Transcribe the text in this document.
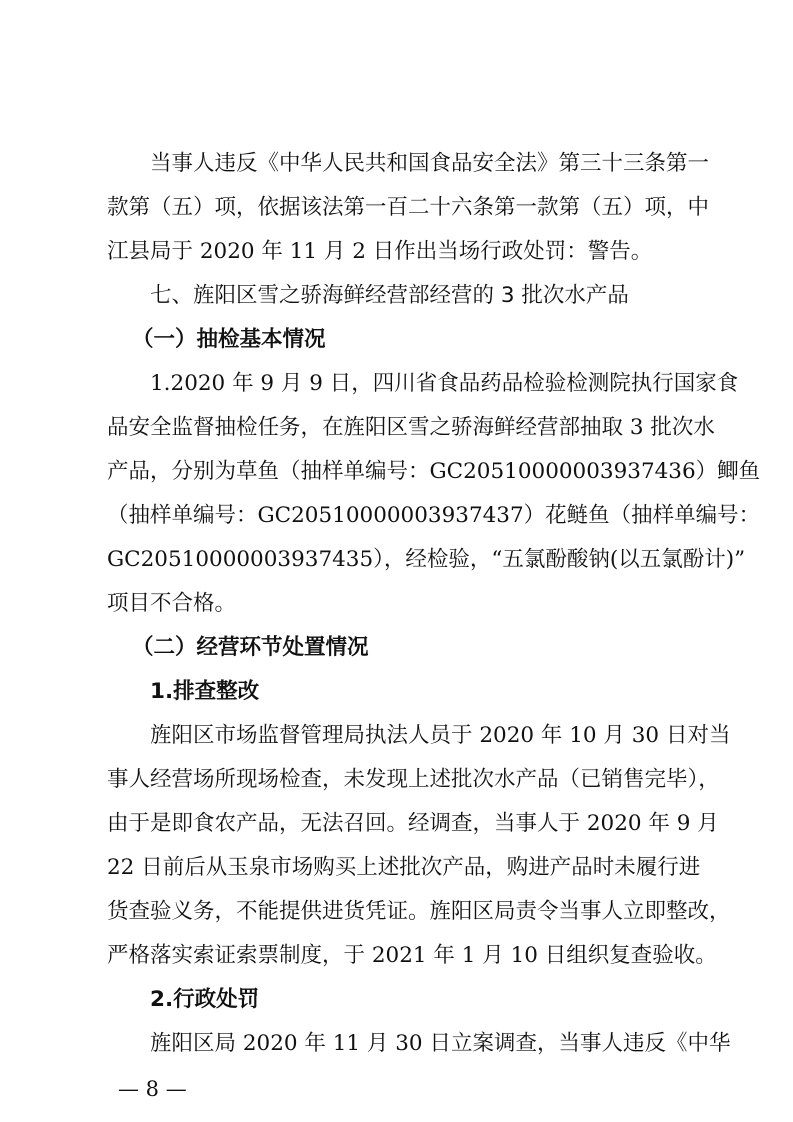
当事人违反《中华人民共和国食品安全法》第三十三条第一
款第（五）项，依据该法第一百二十六条第一款第（五）项，中
江县局于 2020 年 11 月 2 日作出当场行政处罚：警告。
七、旌阳区雪之骄海鲜经营部经营的 3 批次水产品
（一）抽检基本情况
1.2020 年 9 月 9 日，四川省食品药品检验检测院执行国家食
品安全监督抽检任务，在旌阳区雪之骄海鲜经营部抽取 3 批次水
产品，分别为草鱼（抽样单编号：GC20510000003937436）鲫鱼
（抽样单编号：GC20510000003937437）花鲢鱼（抽样单编号：
GC20510000003937435），经检验，“五氯酚酸钠(以五氯酚计)”
项目不合格。
（二）经营环节处置情况
1.排查整改
旌阳区市场监督管理局执法人员于 2020 年 10 月 30 日对当
事人经营场所现场检查，未发现上述批次水产品（已销售完毕），
由于是即食农产品，无法召回。经调查，当事人于 2020 年 9 月
22 日前后从玉泉市场购买上述批次产品，购进产品时未履行进
货查验义务，不能提供进货凭证。旌阳区局责令当事人立即整改，
严格落实索证索票制度，于 2021 年 1 月 10 日组织复查验收。
2.行政处罚
旌阳区局 2020 年 11 月 30 日立案调查，当事人违反《中华
— 8 —
